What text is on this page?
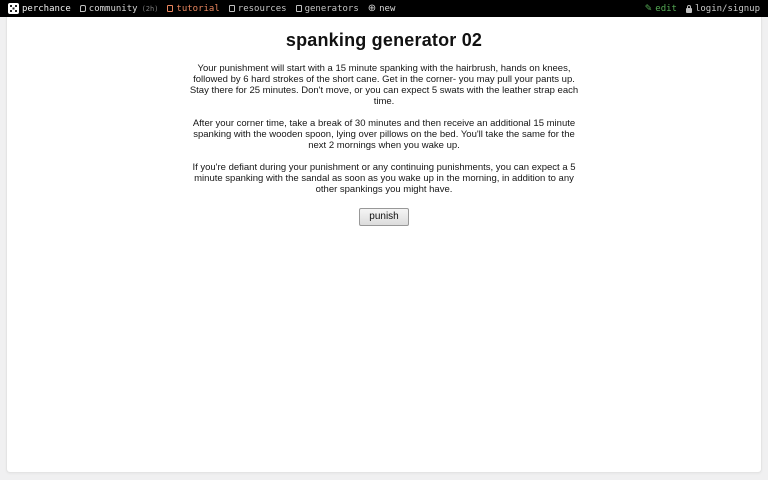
perchance community (2h) tutorial resources generators ⊕ new	✎ edit login/signup
spanking generator 02

Your punishment will start with a 15 minute spanking with the hairbrush, hands on knees, followed by 6 hard strokes of the short cane. Get in the corner- you may pull your pants up. Stay there for 25 minutes. Don't move, or you can expect 5 swats with the leather strap each time.

After your corner time, take a break of 30 minutes and then receive an additional 15 minute spanking with the wooden spoon, lying over pillows on the bed. You'll take the same for the next 2 mornings when you wake up.

If you're defiant during your punishment or any continuing punishments, you can expect a 5 minute spanking with the sandal as soon as you wake up in the morning, in addition to any other spankings you might have.

punish
